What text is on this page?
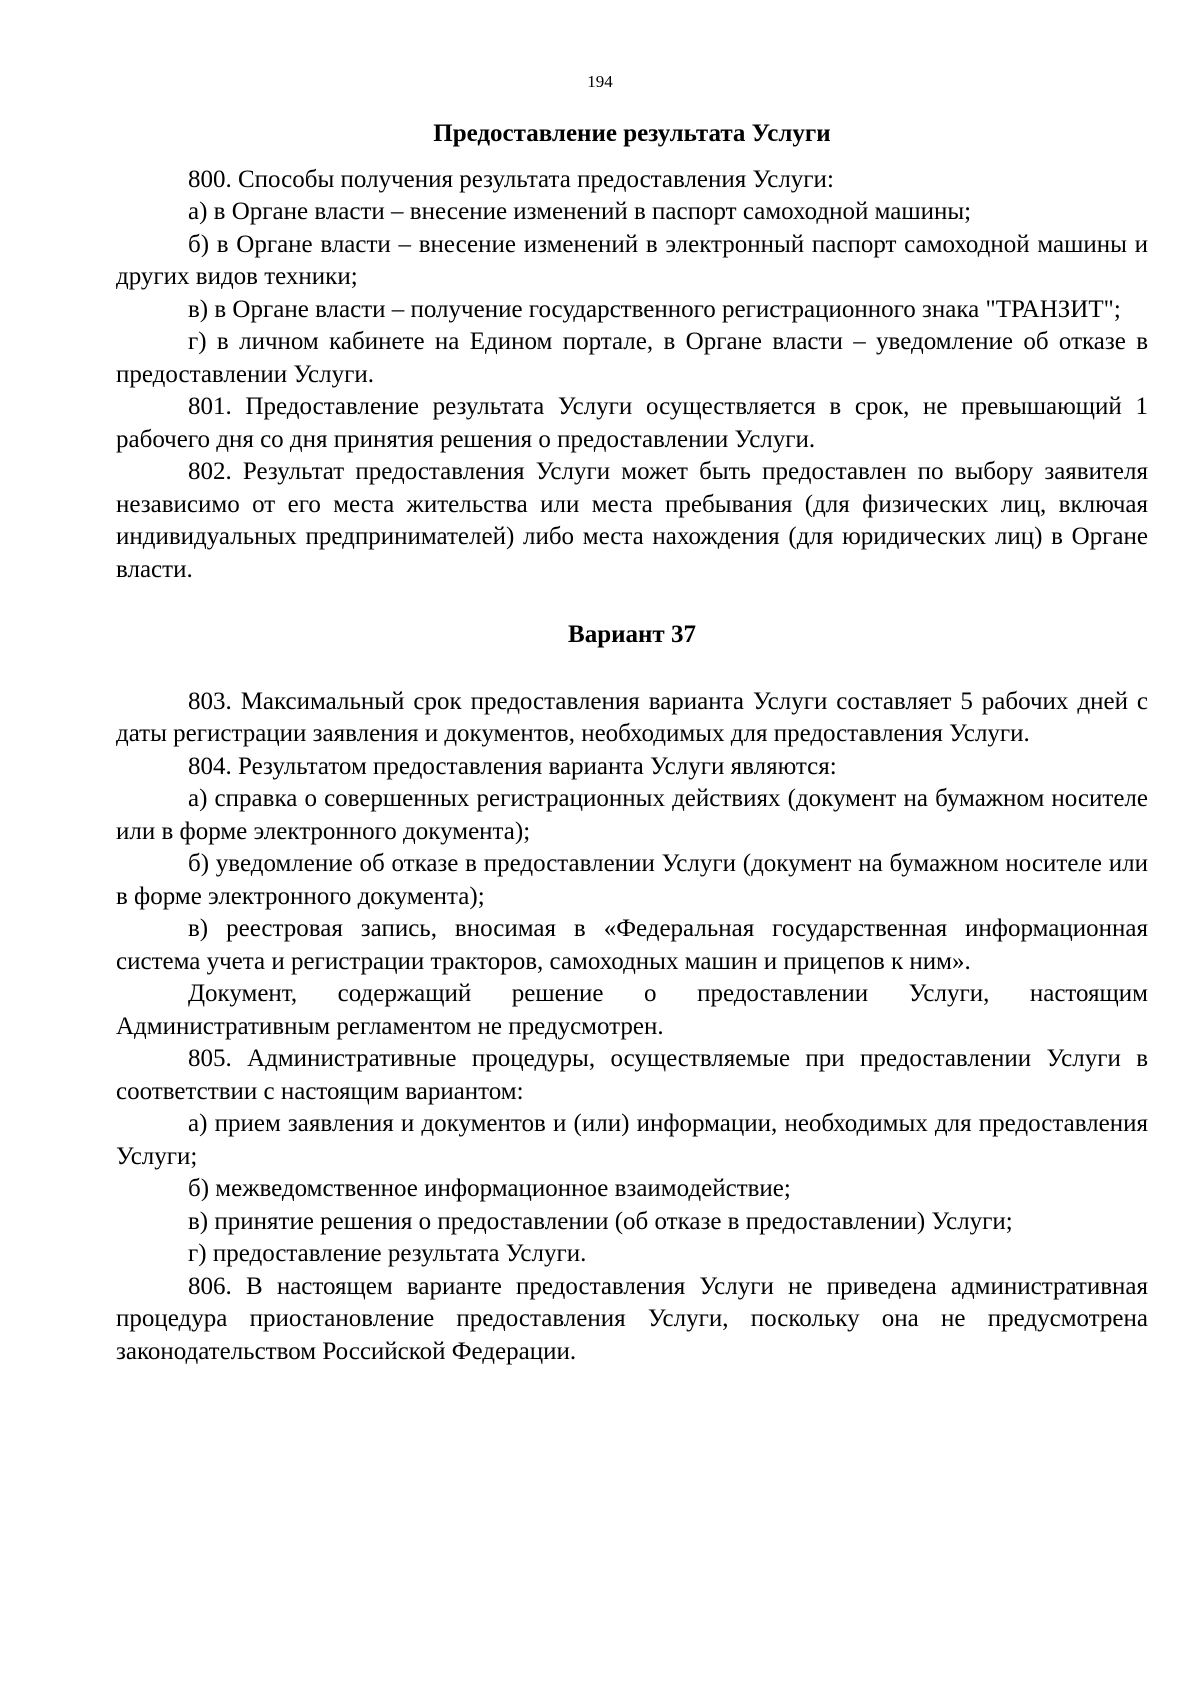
194
Предоставление результата Услуги

800. Способы получения результата предоставления Услуги:

а) в Органе власти – внесение изменений в паспорт самоходной машины;

б) в Органе власти – внесение изменений в электронный паспорт самоходной машины и других видов техники;

в) в Органе власти – получение государственного регистрационного знака "ТРАНЗИТ";

г) в личном кабинете на Едином портале, в Органе власти – уведомление об отказе в предоставлении Услуги.

801. Предоставление результата Услуги осуществляется в срок, не превышающий 1 рабочего дня со дня принятия решения о предоставлении Услуги.

802. Результат предоставления Услуги может быть предоставлен по выбору заявителя независимо от его места жительства или места пребывания (для физических лиц, включая индивидуальных предпринимателей) либо места нахождения (для юридических лиц) в Органе власти.

Вариант 37

803. Максимальный срок предоставления варианта Услуги составляет 5 рабочих дней с даты регистрации заявления и документов, необходимых для предоставления Услуги.

804. Результатом предоставления варианта Услуги являются:

а) справка о совершенных регистрационных действиях (документ на бумажном носителе или в форме электронного документа);

б) уведомление об отказе в предоставлении Услуги (документ на бумажном носителе или в форме электронного документа);

в) реестровая запись, вносимая в «Федеральная государственная информационная система учета и регистрации тракторов, самоходных машин и прицепов к ним».

Документ, содержащий решение о предоставлении Услуги, настоящим Административным регламентом не предусмотрен.

805. Административные процедуры, осуществляемые при предоставлении Услуги в соответствии с настоящим вариантом:

а) прием заявления и документов и (или) информации, необходимых для предоставления Услуги;

б) межведомственное информационное взаимодействие;

в) принятие решения о предоставлении (об отказе в предоставлении) Услуги;

г) предоставление результата Услуги.

806. В настоящем варианте предоставления Услуги не приведена административная процедура приостановление предоставления Услуги, поскольку она не предусмотрена законодательством Российской Федерации.
